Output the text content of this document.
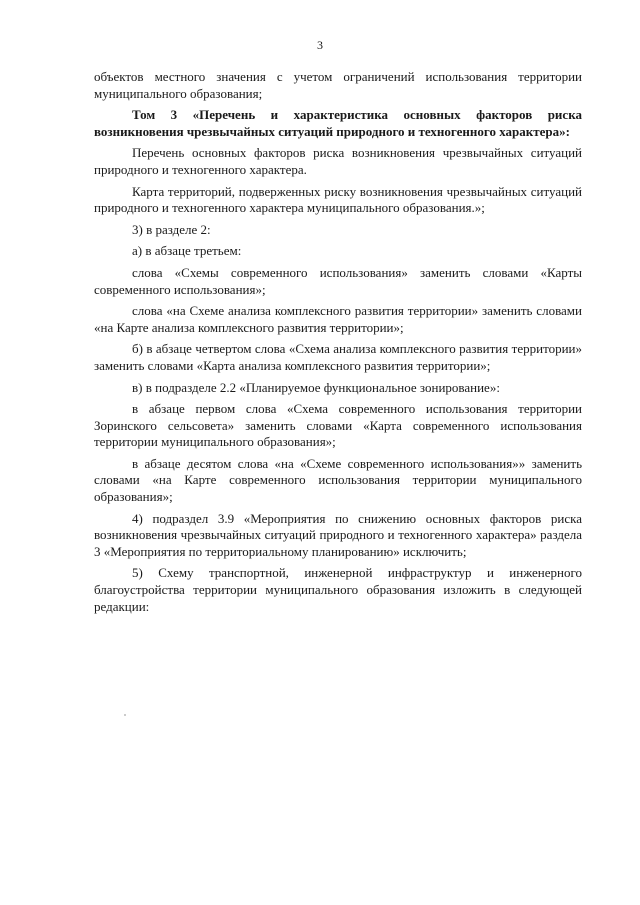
3

объектов местного значения с учетом ограничений использования территории муниципального образования;

Том 3 «Перечень и характеристика основных факторов риска возникновения чрезвычайных ситуаций природного и техногенного характера»:

Перечень основных факторов риска возникновения чрезвычайных ситуаций природного и техногенного характера.

Карта территорий, подверженных риску возникновения чрезвычайных ситуаций природного и техногенного характера муниципального образования.»;

3) в разделе 2:

а) в абзаце третьем:

слова «Схемы современного использования» заменить словами «Карты современного использования»;

слова «на Схеме анализа комплексного развития территории» заменить словами «на Карте анализа комплексного развития территории»;

б) в абзаце четвертом слова «Схема анализа комплексного развития территории» заменить словами «Карта анализа комплексного развития территории»;

в) в подразделе 2.2 «Планируемое функциональное зонирование»:

в абзаце первом слова «Схема современного использования территории Зоринского сельсовета» заменить словами «Карта современного использования территории муниципального образования»;

в абзаце десятом слова «на «Схеме современного использования»» заменить словами «на Карте современного использования территории муниципального образования»;

4) подраздел 3.9 «Мероприятия по снижению основных факторов риска возникновения чрезвычайных ситуаций природного и техногенного характера» раздела 3 «Мероприятия по территориальному планированию» исключить;

5) Схему транспортной, инженерной инфраструктур и инженерного благоустройства территории муниципального образования изложить в следующей редакции:
